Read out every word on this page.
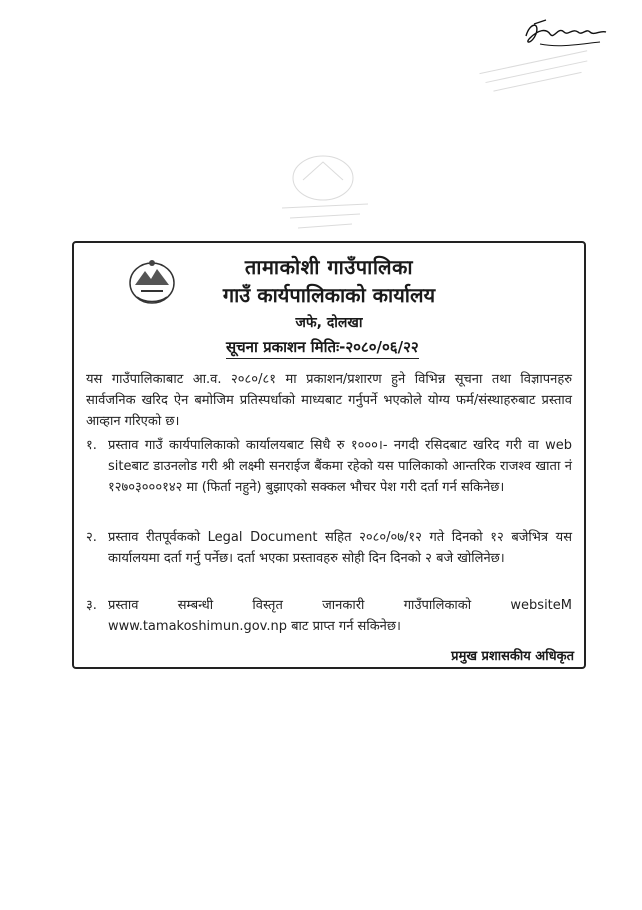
तामाकोशी गाउँपालिका
गाउँ कार्यपालिकाको कार्यालय
जफे, दोलखा
सूचना प्रकाशन मितिः-२०८०/०६/२२
यस गाउँपालिकाबाट आ.व. २०८०/८१ मा प्रकाशन/प्रशारण हुने विभिन्न सूचना तथा विज्ञापनहरु सार्वजनिक खरिद ऐन बमोजिम प्रतिस्पर्धाको माध्यबाट गर्नुपर्ने भएकोले योग्य फर्म/संस्थाहरुबाट प्रस्ताव आव्हान गरिएको छ।
१. प्रस्ताव गाउँ कार्यपालिकाको कार्यालयबाट सिधै रु १०००।- नगदी रसिदबाट खरिद गरी वा web siteबाट डाउनलोड गरी श्री लक्ष्मी सनराईज बैंकमा रहेको यस पालिकाको आन्तरिक राजश्व खाता नं १२७०३०००१४२ मा (फिर्ता नहुने) बुझाएको सक्कल भौचर पेश गरी दर्ता गर्न सकिनेछ।
२. प्रस्ताव रीतपूर्वकको Legal Document सहित २०८०/०७/१२ गते दिनको १२ बजेभित्र यस कार्यालयमा दर्ता गर्नु पर्नेछ। दर्ता भएका प्रस्तावहरु सोही दिन दिनको २ बजे खोलिनेछ।
३. प्रस्ताव सम्बन्धी विस्तृत जानकारी गाउँपालिकाको websiteM www.tamakoshimun.gov.np बाट प्राप्त गर्न सकिनेछ।
प्रमुख प्रशासकीय अधिकृत
